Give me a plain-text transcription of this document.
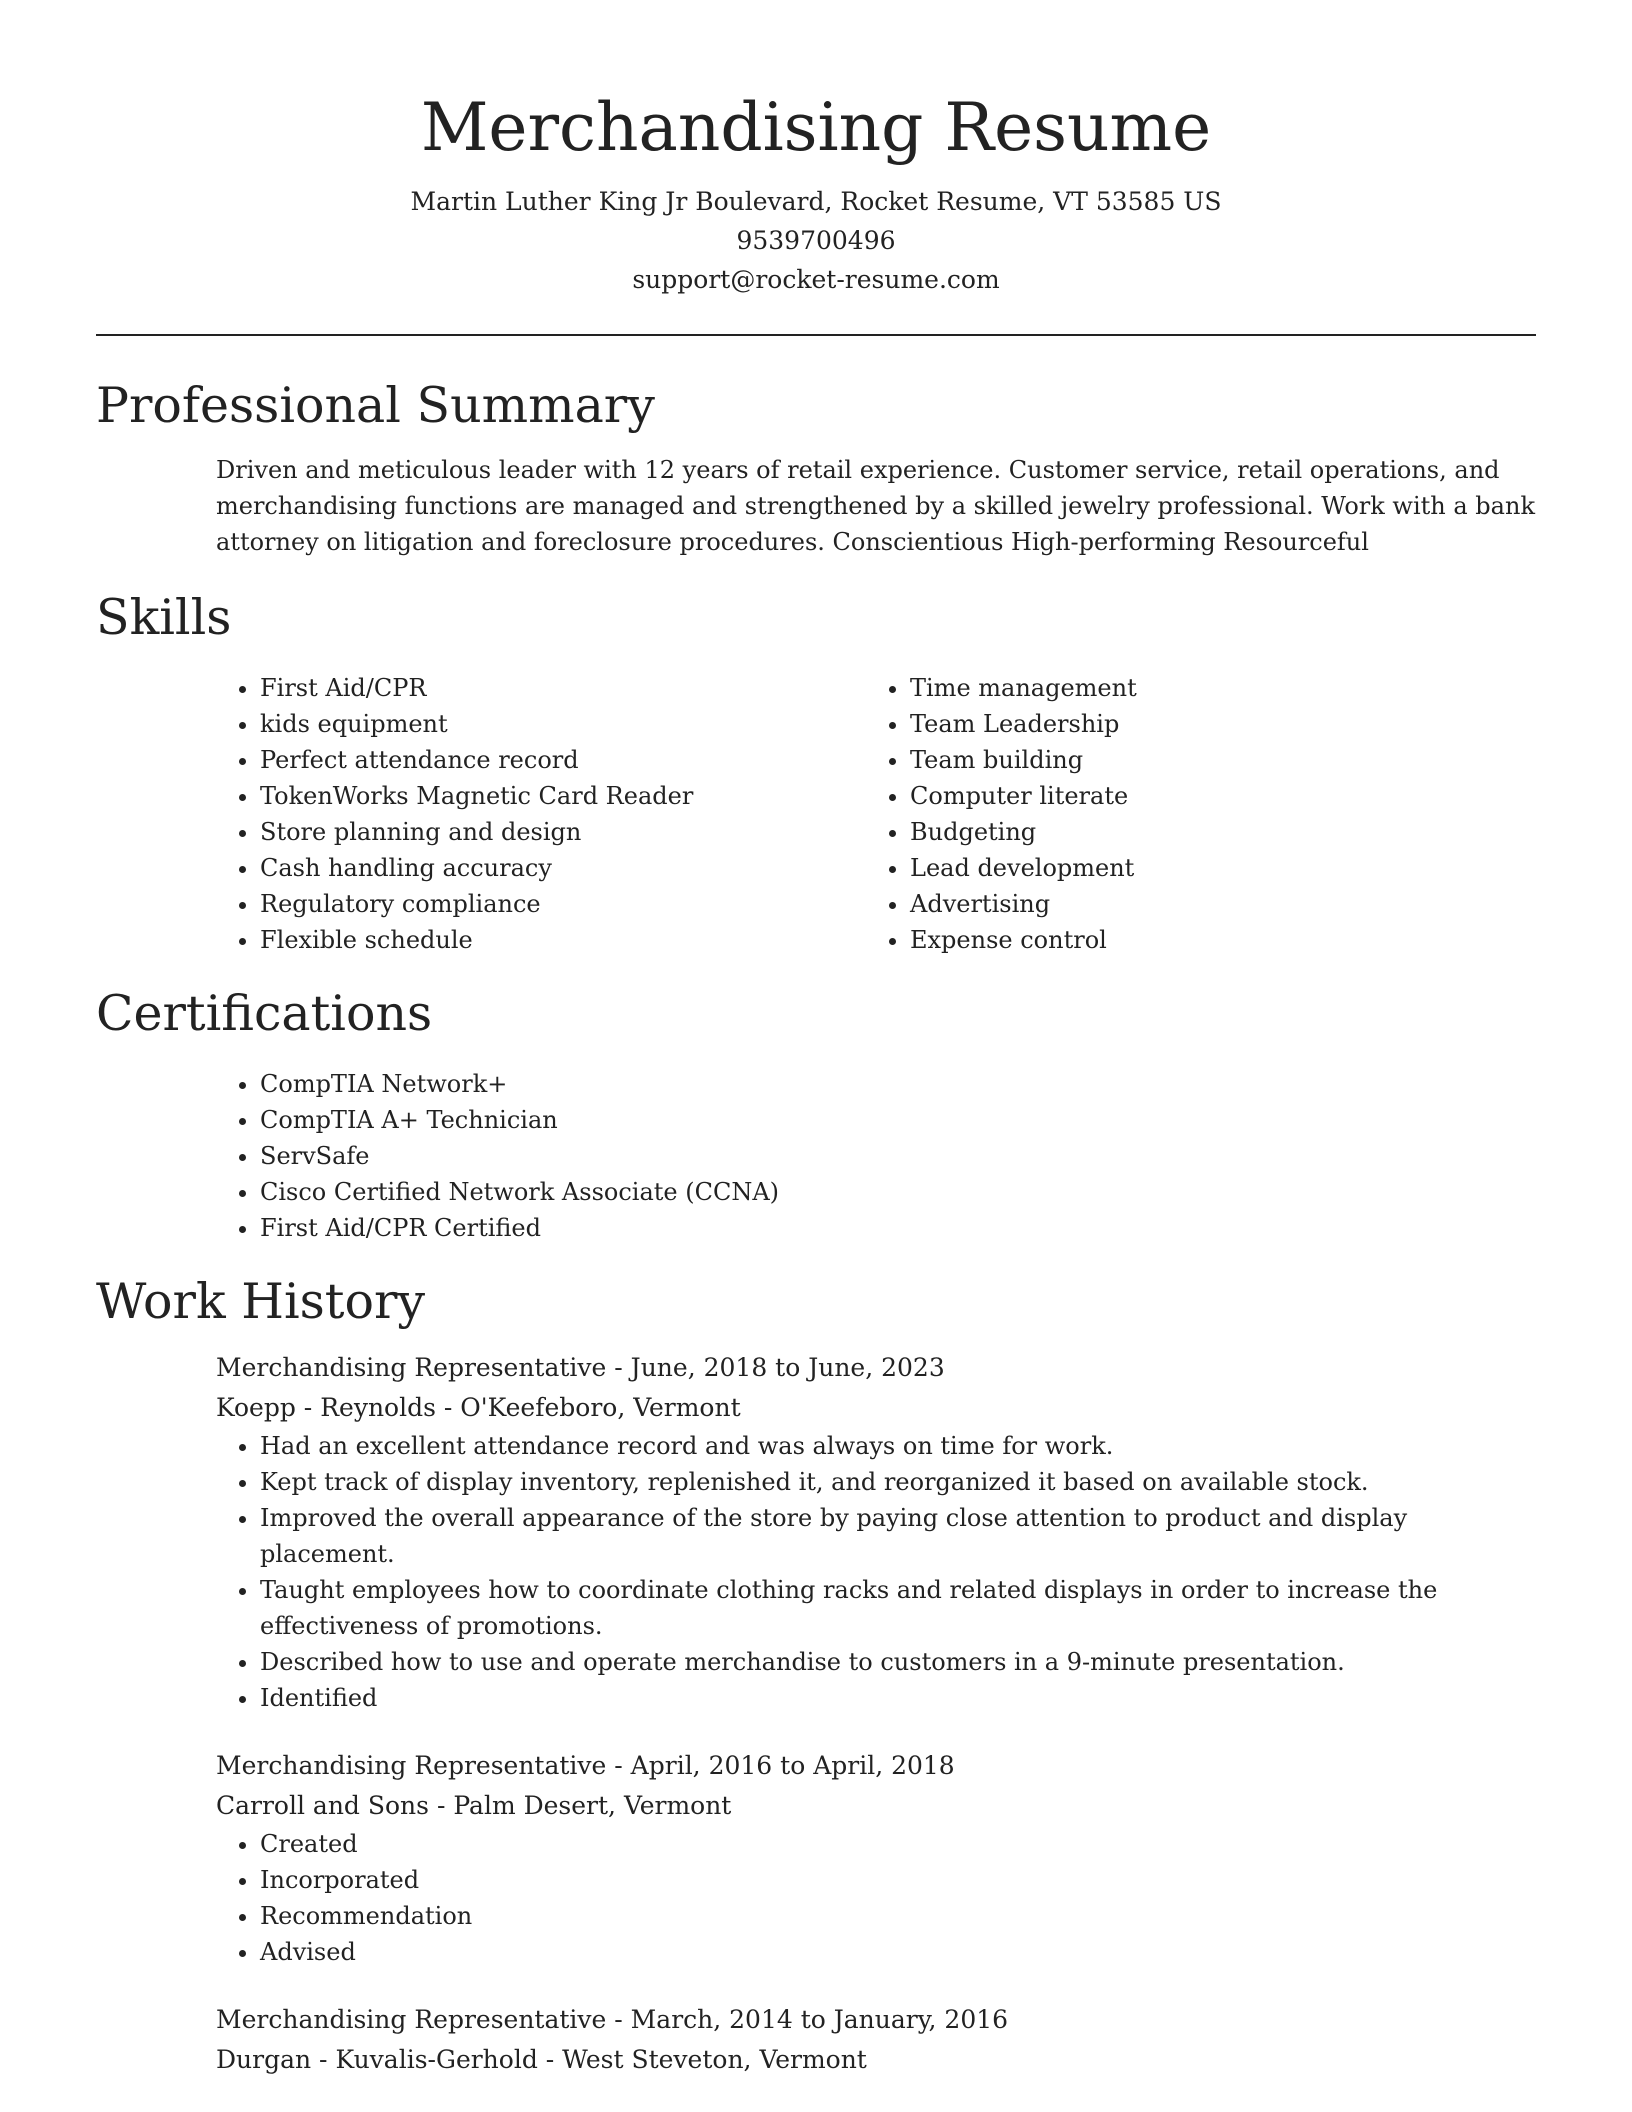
Merchandising Resume
Martin Luther King Jr Boulevard, Rocket Resume, VT 53585 US
9539700496
support@rocket-resume.com
Professional Summary
Driven and meticulous leader with 12 years of retail experience. Customer service, retail operations, and merchandising functions are managed and strengthened by a skilled jewelry professional. Work with a bank attorney on litigation and foreclosure procedures. Conscientious High-performing Resourceful
Skills
• First Aid/CPR
• kids equipment
• Perfect attendance record
• TokenWorks Magnetic Card Reader
• Store planning and design
• Cash handling accuracy
• Regulatory compliance
• Flexible schedule
• Time management
• Team Leadership
• Team building
• Computer literate
• Budgeting
• Lead development
• Advertising
• Expense control
Certifications
• CompTIA Network+
• CompTIA A+ Technician
• ServSafe
• Cisco Certified Network Associate (CCNA)
• First Aid/CPR Certified
Work History
Merchandising Representative - June, 2018 to June, 2023
Koepp - Reynolds - O'Keefeboro, Vermont
• Had an excellent attendance record and was always on time for work.
• Kept track of display inventory, replenished it, and reorganized it based on available stock.
• Improved the overall appearance of the store by paying close attention to product and display placement.
• Taught employees how to coordinate clothing racks and related displays in order to increase the effectiveness of promotions.
• Described how to use and operate merchandise to customers in a 9-minute presentation.
• Identified
Merchandising Representative - April, 2016 to April, 2018
Carroll and Sons - Palm Desert, Vermont
• Created
• Incorporated
• Recommendation
• Advised
Merchandising Representative - March, 2014 to January, 2016
Durgan - Kuvalis-Gerhold - West Steveton, Vermont
